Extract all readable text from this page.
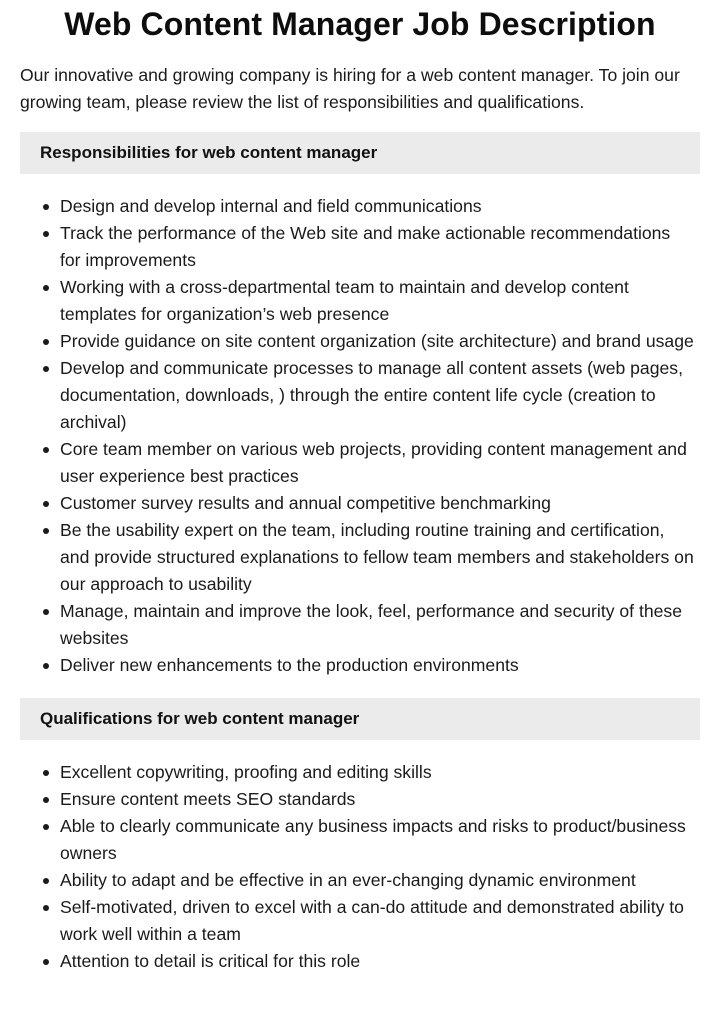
Web Content Manager Job Description

Our innovative and growing company is hiring for a web content manager. To join our growing team, please review the list of responsibilities and qualifications.

Responsibilities for web content manager
Design and develop internal and field communications
Track the performance of the Web site and make actionable recommendations for improvements
Working with a cross-departmental team to maintain and develop content templates for organization’s web presence
Provide guidance on site content organization (site architecture) and brand usage
Develop and communicate processes to manage all content assets (web pages, documentation, downloads, ) through the entire content life cycle (creation to archival)
Core team member on various web projects, providing content management and user experience best practices
Customer survey results and annual competitive benchmarking
Be the usability expert on the team, including routine training and certification, and provide structured explanations to fellow team members and stakeholders on our approach to usability
Manage, maintain and improve the look, feel, performance and security of these websites
Deliver new enhancements to the production environments
Qualifications for web content manager
Excellent copywriting, proofing and editing skills
Ensure content meets SEO standards
Able to clearly communicate any business impacts and risks to product/business owners
Ability to adapt and be effective in an ever-changing dynamic environment
Self-motivated, driven to excel with a can-do attitude and demonstrated ability to work well within a team
Attention to detail is critical for this role
